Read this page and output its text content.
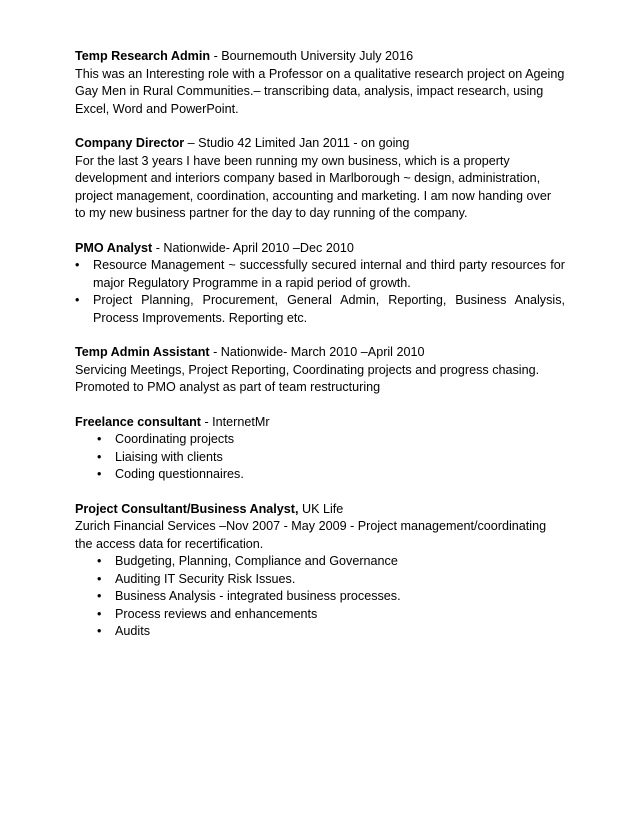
Temp Research Admin - Bournemouth University July 2016

This was an Interesting role with a Professor on a qualitative research project on Ageing Gay Men in Rural Communities.– transcribing data, analysis, impact research, using Excel, Word and PowerPoint.

Company Director – Studio 42 Limited Jan 2011 - on going

For the last 3 years I have been running my own business, which is a property development and interiors company based in Marlborough ~ design, administration, project management, coordination, accounting and marketing. I am now handing over to my new business partner for the day to day running of the company.

PMO Analyst - Nationwide- April 2010 –Dec 2010

•	Resource Management ~ successfully secured internal and third party resources for major Regulatory Programme in a rapid period of growth.
•	Project Planning, Procurement, General Admin, Reporting, Business Analysis, Process Improvements. Reporting etc.

Temp Admin Assistant - Nationwide- March 2010 –April 2010

Servicing Meetings, Project Reporting, Coordinating projects and progress chasing.

Promoted to PMO analyst as part of team restructuring

Freelance consultant - InternetMr

•	Coordinating projects
•	Liaising with clients
•	Coding questionnaires.

Project Consultant/Business Analyst, UK Life

Zurich Financial Services –Nov 2007 - May 2009 - Project management/coordinating the access data for recertification.

•	Budgeting, Planning, Compliance and Governance
•	Auditing IT Security Risk Issues.
•	Business Analysis - integrated business processes.
•	Process reviews and enhancements
•	Audits
